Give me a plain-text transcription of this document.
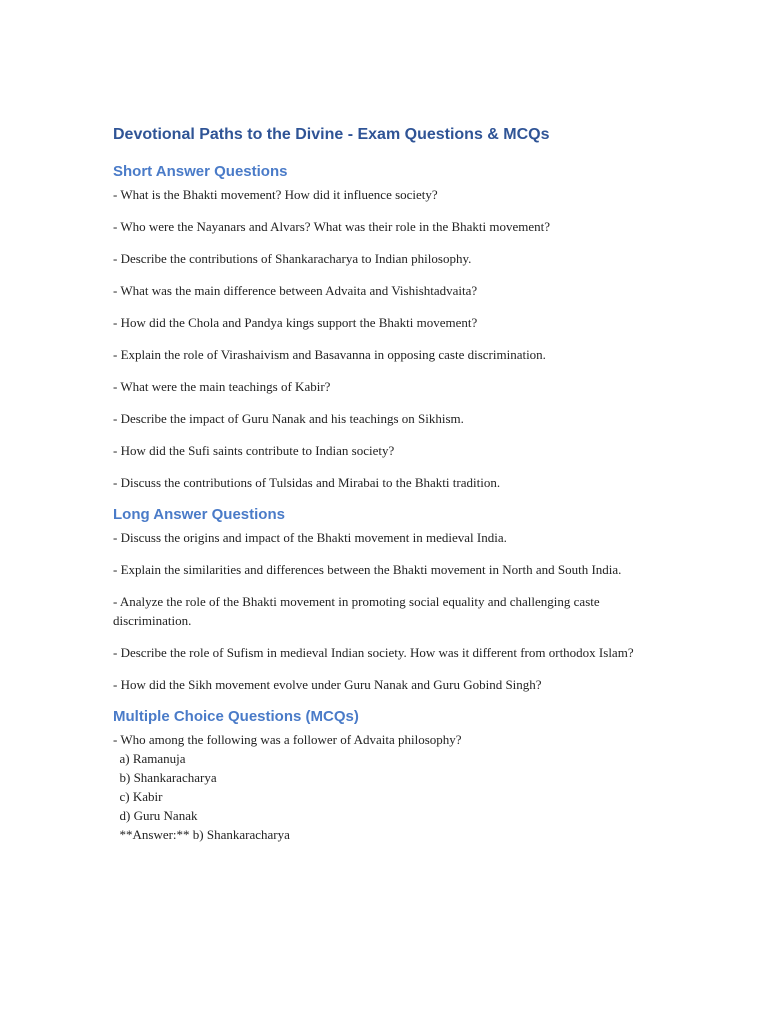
Devotional Paths to the Divine - Exam Questions & MCQs
Short Answer Questions

- What is the Bhakti movement? How did it influence society?

- Who were the Nayanars and Alvars? What was their role in the Bhakti movement?

- Describe the contributions of Shankaracharya to Indian philosophy.

- What was the main difference between Advaita and Vishishtadvaita?

- How did the Chola and Pandya kings support the Bhakti movement?

- Explain the role of Virashaivism and Basavanna in opposing caste discrimination.

- What were the main teachings of Kabir?

- Describe the impact of Guru Nanak and his teachings on Sikhism.

- How did the Sufi saints contribute to Indian society?

- Discuss the contributions of Tulsidas and Mirabai to the Bhakti tradition.

Long Answer Questions

- Discuss the origins and impact of the Bhakti movement in medieval India.

- Explain the similarities and differences between the Bhakti movement in North and South India.

- Analyze the role of the Bhakti movement in promoting social equality and challenging caste discrimination.

- Describe the role of Sufism in medieval Indian society. How was it different from orthodox Islam?

- How did the Sikh movement evolve under Guru Nanak and Guru Gobind Singh?

Multiple Choice Questions (MCQs)

- Who among the following was a follower of Advaita philosophy?

a) Ramanuja

b) Shankaracharya

c) Kabir

d) Guru Nanak

**Answer:** b) Shankaracharya
